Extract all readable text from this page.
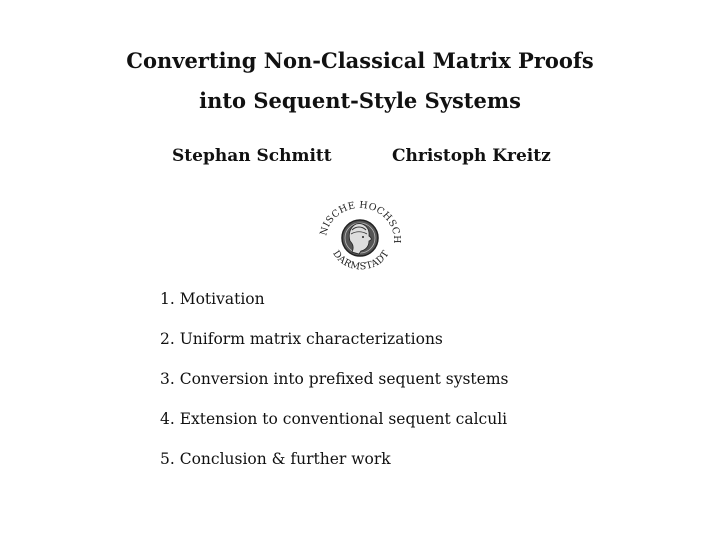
Converting Non-Classical Matrix Proofs
into Sequent-Style Systems
Stephan Schmitt	Christoph Kreitz
NISCHE HOCHSCH
DARMSTADT
1. Motivation
2. Uniform matrix characterizations
3. Conversion into prefixed sequent systems
4. Extension to conventional sequent calculi
5. Conclusion & further work
